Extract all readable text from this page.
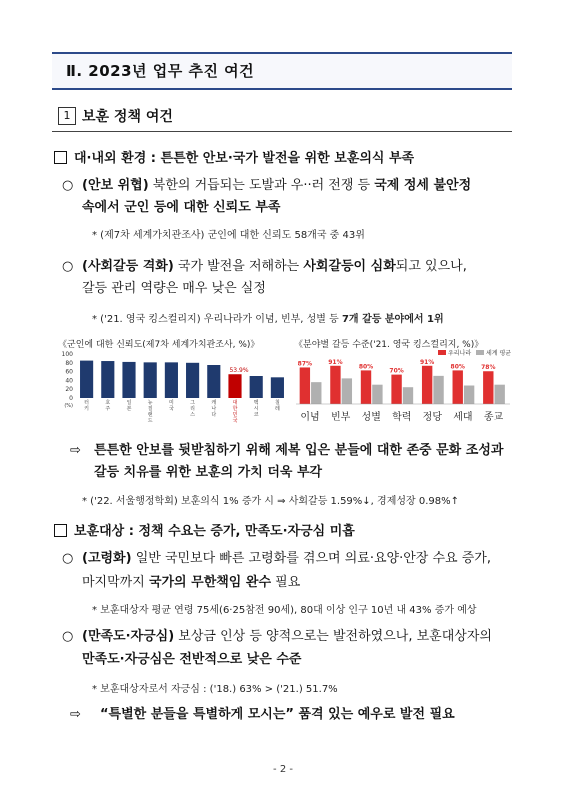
Ⅱ. 2023년 업무 추진 여건
1 보훈 정책 여건
대·내외 환경 : 튼튼한 안보·국가 발전을 위한 보훈의식 부족
○ (안보 위협) 북한의 거듭되는 도발과 우··러 전쟁 등 국제 정세 불안정
속에서 군인 등에 대한 신뢰도 부족
* (제7차 세계가치관조사) 군인에 대한 신뢰도 58개국 중 43위
○ (사회갈등 격화) 국가 발전을 저해하는 사회갈등이 심화되고 있으나,
갈등 관리 역량은 매우 낮은 실정
* ('21. 영국 킹스컬리지) 우리나라가 이념, 빈부, 성별 등 7개 갈등 분야에서 1위
《군인에 대한 신뢰도(제7차 세계가치관조사, %)》	《분야별 갈등 수준('21. 영국 킹스컬리지, %)》
100
80
60
40
20
0
(%) 터 키
호 주
일 본
뉴 질 랜 드
미 국
그 리 스
캐 나 다
대 한 민 국
멕 시 코
칠 레
53.9%
우리나라 세계 평균
이념 빈부 성별 학력 정당 세대 종교
87%	91%
80%
70%
91%
80%	78%
⇨ 튼튼한 안보를 뒷받침하기 위해 제복 입은 분들에 대한 존중 문화 조성과
갈등 치유를 위한 보훈의 가치 더욱 부각
* ('22. 서울행정학회) 보훈의식 1% 증가 시 ⇒ 사회갈등 1.59%↓, 경제성장 0.98%↑
보훈대상 : 정책 수요는 증가, 만족도·자긍심 미흡
○ (고령화) 일반 국민보다 빠른 고령화를 겪으며 의료·요양·안장 수요 증가,
마지막까지 국가의 무한책임 완수 필요
* 보훈대상자 평균 연령 75세(6·25참전 90세), 80대 이상 인구 10년 내 43% 증가 예상
○ (만족도·자긍심) 보상금 인상 등 양적으로는 발전하였으나, 보훈대상자의
만족도·자긍심은 전반적으로 낮은 수준
* 보훈대상자로서 자긍심 : ('18.) 63% > ('21.) 51.7%
⇨ “특별한 분들을 특별하게 모시는” 품격 있는 예우로 발전 필요
- 2 -
